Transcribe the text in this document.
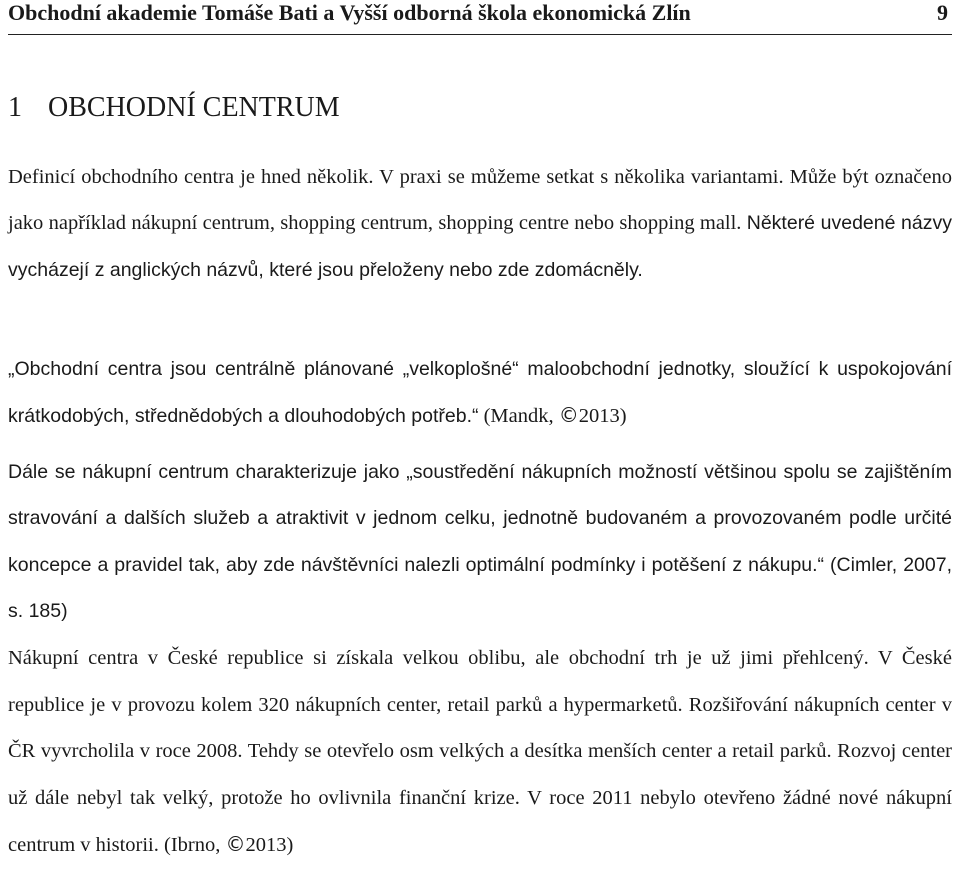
Obchodní akademie Tomáše Bati a Vyšší odborná škola ekonomická Zlín	9
1 OBCHODNÍ CENTRUM

Definicí obchodního centra je hned několik. V praxi se můžeme setkat s několika variantami. Může být označeno jako například nákupní centrum, shopping centrum, shopping centre nebo shopping mall. Některé uvedené názvy vycházejí z anglických názvů, které jsou přeloženy nebo zde zdomácněly.

„Obchodní centra jsou centrálně plánované „velkoplošné“ maloobchodní jednotky, sloužící k uspokojování krátkodobých, střednědobých a dlouhodobých potřeb.“ (Mandk, ©2013)

Dále se nákupní centrum charakterizuje jako „soustředění nákupních možností většinou spolu se zajištěním stravování a dalších služeb a atraktivit v jednom celku, jednotně budovaném a provozovaném podle určité koncepce a pravidel tak, aby zde návštěvníci nalezli optimální podmínky i potěšení z nákupu.“ (Cimler, 2007, s. 185)

Nákupní centra v České republice si získala velkou oblibu, ale obchodní trh je už jimi přehlcený. V České republice je v provozu kolem 320 nákupních center, retail parků a hypermarketů. Rozšiřování nákupních center v ČR vyvrcholila v roce 2008. Tehdy se otevřelo osm velkých a desítka menších center a retail parků. Rozvoj center už dále nebyl tak velký, protože ho ovlivnila finanční krize. V roce 2011 nebylo otevřeno žádné nové nákupní centrum v historii. (Ibrno, ©2013)
